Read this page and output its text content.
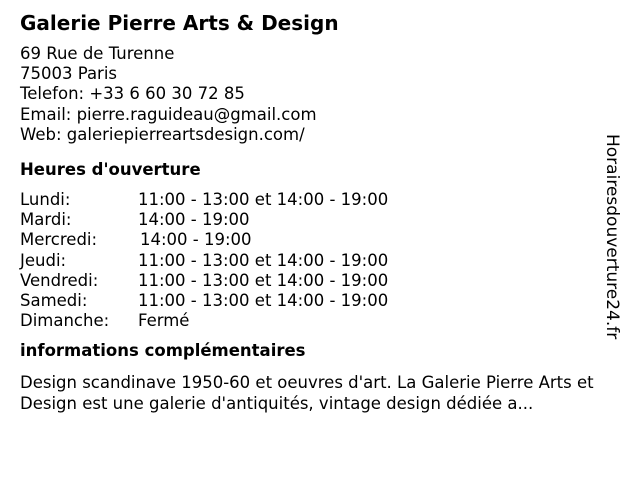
Galerie Pierre Arts & Design
69 Rue de Turenne
75003 Paris
Telefon: +33 6 60 30 72 85
Email: pierre.raguideau@gmail.com
Web: galeriepierreartsdesign.com/
Heures d'ouverture
Lundi:	11:00 - 13:00 et 14:00 - 19:00
Mardi:	14:00 - 19:00
Mercredi:	14:00 - 19:00
Jeudi:	11:00 - 13:00 et 14:00 - 19:00
Vendredi:	11:00 - 13:00 et 14:00 - 19:00
Samedi:	11:00 - 13:00 et 14:00 - 19:00
Dimanche:	Fermé
informations complémentaires
Design scandinave 1950-60 et oeuvres d'art. La Galerie Pierre Arts et Design est une galerie d'antiquités, vintage design dédiée a...
Horairesdouverture24.fr
